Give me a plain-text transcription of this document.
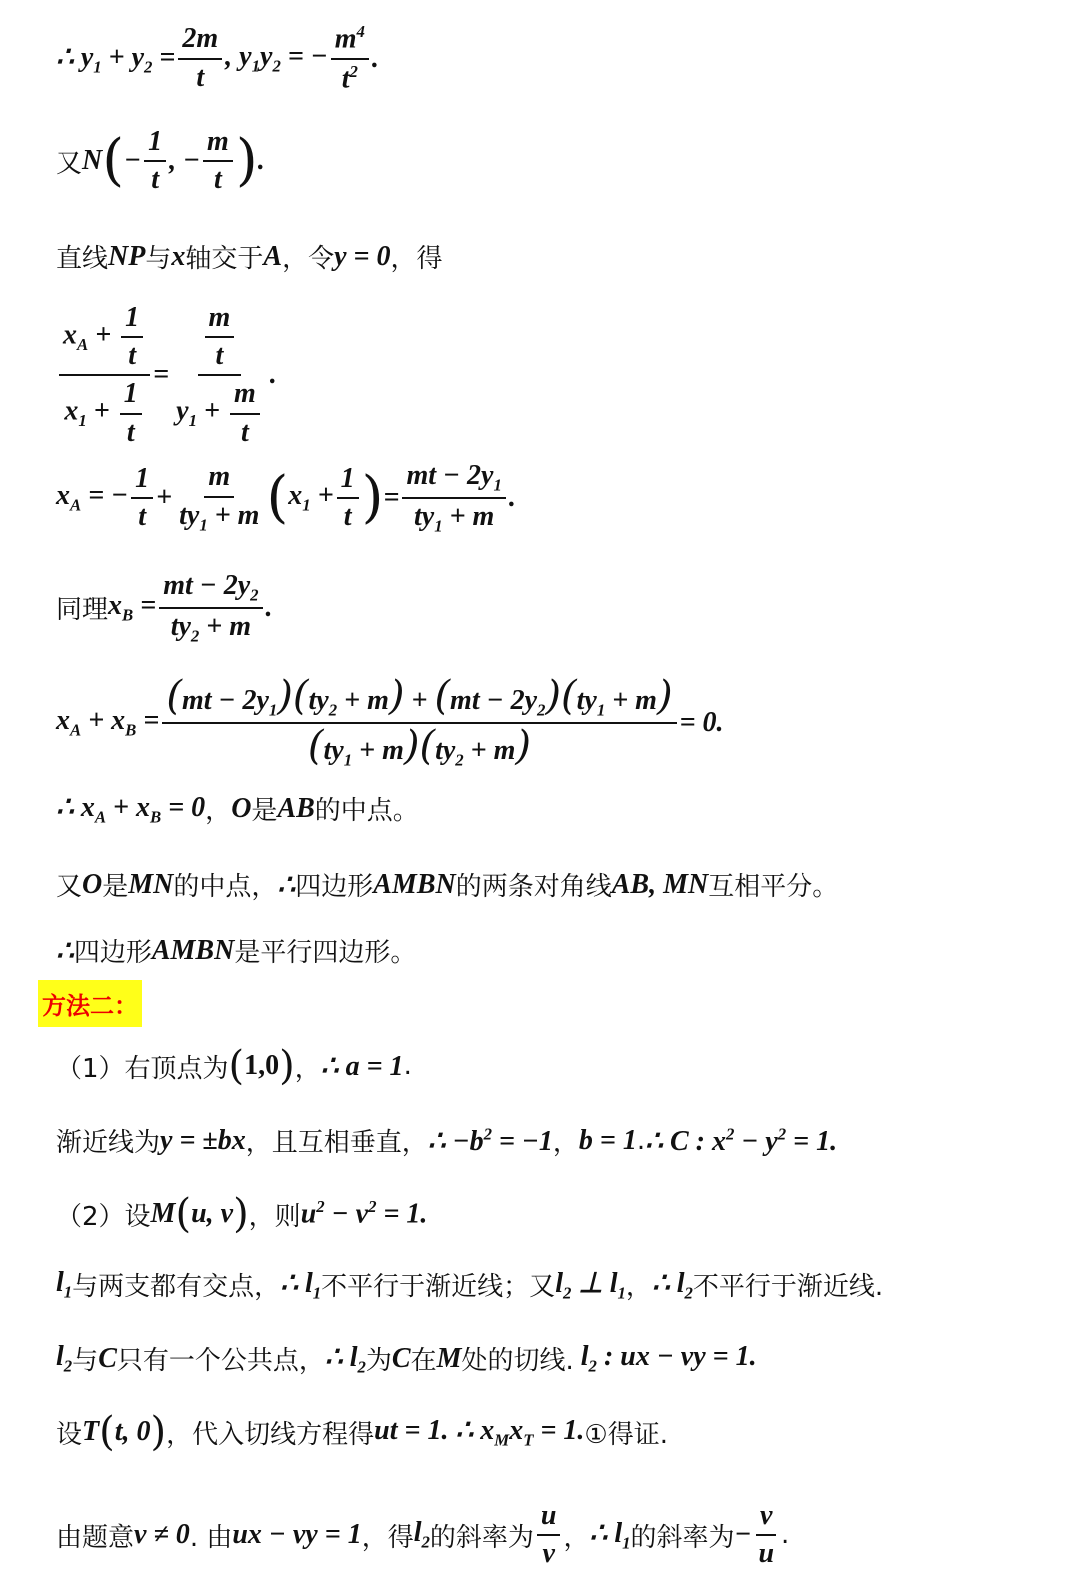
∴ $y_1 + y_2 = \frac{2m}{t}$ , $y_1y_2$ = − $\frac{m^4}{t^2}$ .
又 N ( − $\frac{1}{t}$ , − $\frac{m}{t}$ ) .
直线 NP 与 x 轴交于 A ，令 y = 0 ，得
$\frac{x_A + \frac{1}{t}}{x_1 + \frac{1}{t}} = \frac{\frac{m}{t}}{y_1 + \frac{m}{t}}$ .
$x_A$ = − $\frac{1}{t} + \frac{m}{ty_1 + m}$ ( $x_1 + \frac{1}{t}$ ) = $\frac{mt - 2y_1}{ty_1 + m}$ .
同理 $x_B = \frac{mt - 2y_2}{ty_2 + m}$ .
$x_A + x_B = \frac{(mt - 2y_1)(ty_2 + m) + (mt - 2y_2)(ty_1 + m)}{(ty_1 + m)(ty_2 + m)} = 0$.
∴ $x_A + x_B = 0$ ， O 是 AB 的中点。
又 O 是 MN 的中点， ∴ 四边形 AMBN 的两条对角线 AB, MN 互相平分。
∴ 四边形 AMBN 是平行四边形。
方法二：
（1）右顶点为 ( 1,0 ) ， ∴ a = 1 .
渐近线为 y = ±bx ，且互相垂直， ∴ $-b^2 = -1$ ， b = 1 . ∴ C : $x^2 - y^2 = 1$.
（2）设 M ( u, v ) ，则 $u^2 - v^2 = 1$.
$l_1$ 与两支都有交点， ∴ $l_1$ 不平行于渐近线；又 $l_2$ ⊥ $l_1$ ， ∴ $l_2$ 不平行于渐近线.
$l_2$ 与 C 只有一个公共点， ∴ $l_2$ 为 C 在 M 处的切线. $l_2$ : ux − vy = 1.
设 T ( t, 0 ) ，代入切线方程得 ut = 1. ∴ $x_Mx_T = 1$. ①得证.
由题意 v ≠ 0 . 由 ux − vy = 1 ，得 $l_2$ 的斜率为 $\frac{u}{v}$ ， ∴ $l_1$ 的斜率为 − $\frac{v}{u}$ .
